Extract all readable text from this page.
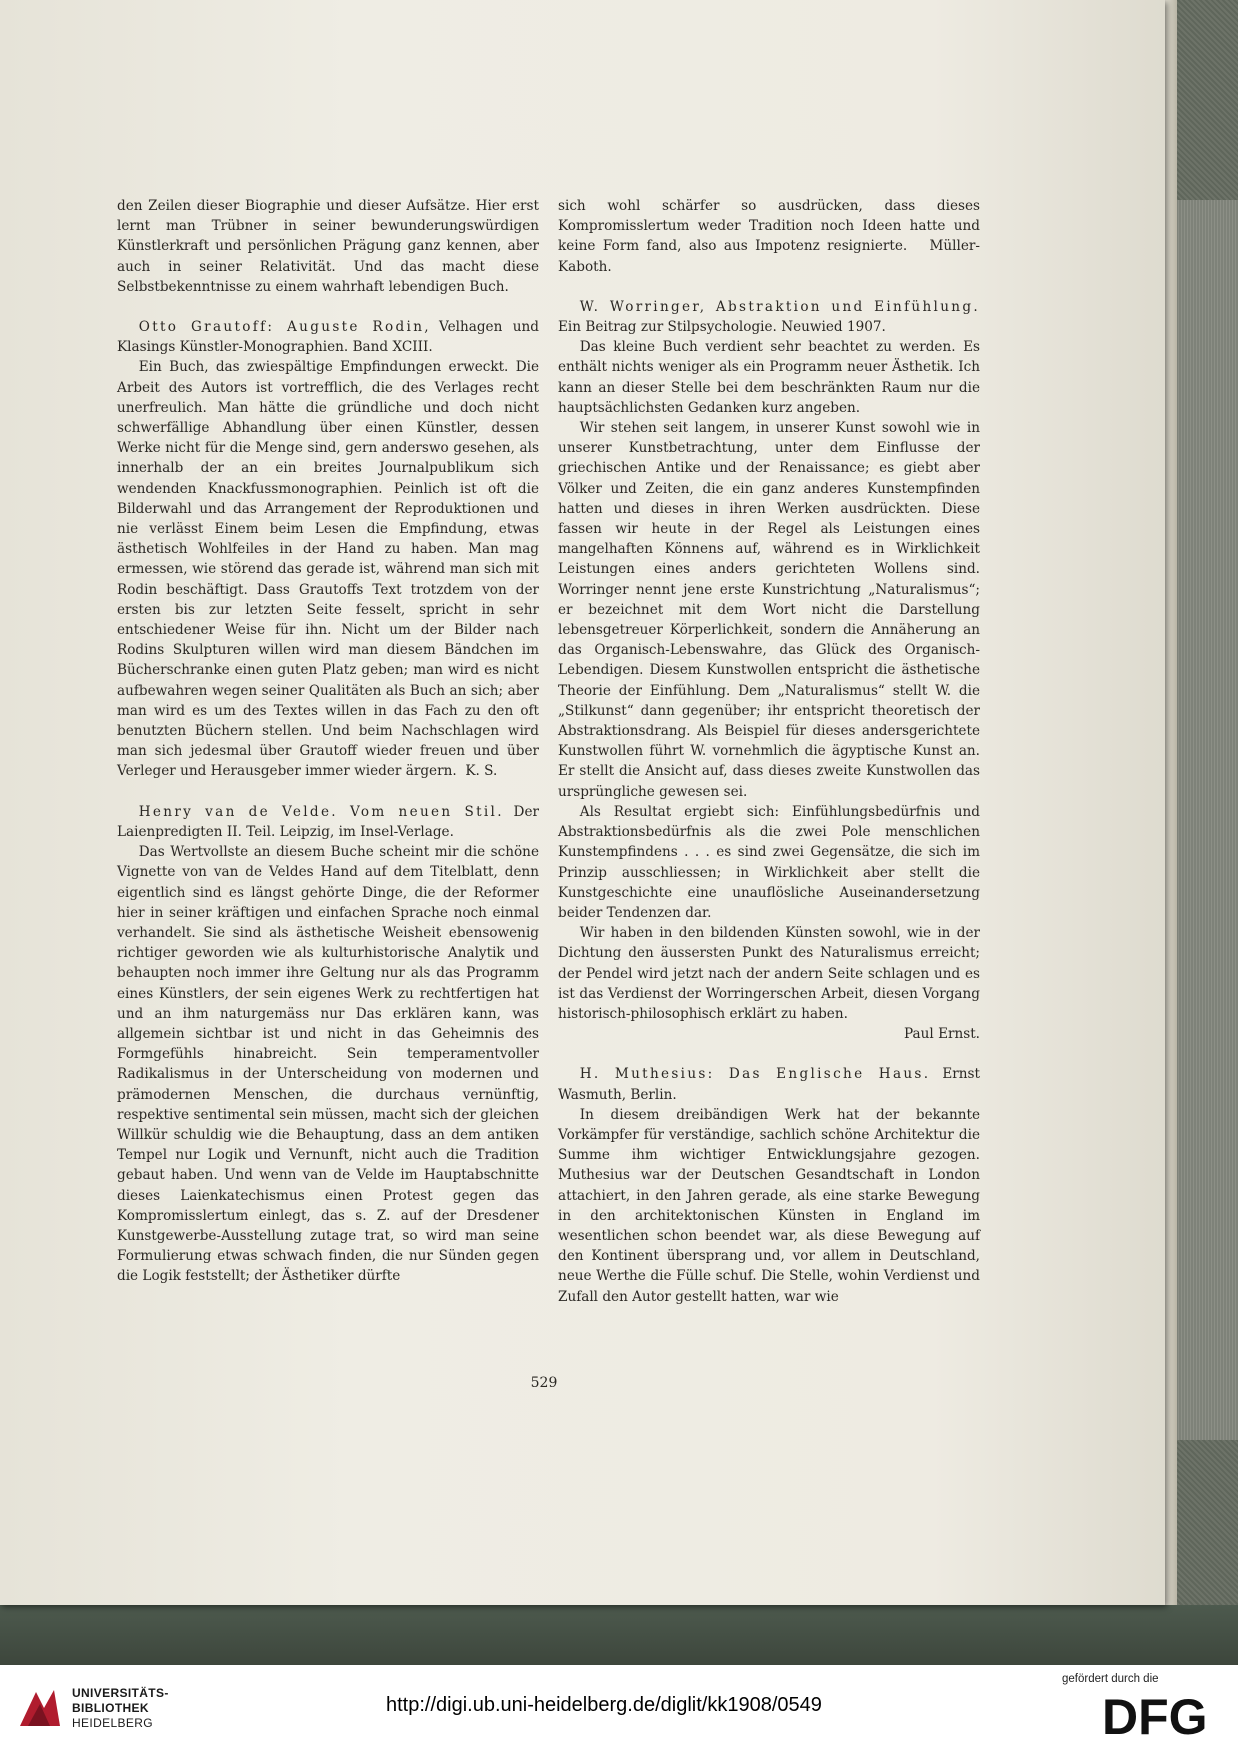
den Zeilen dieser Biographie und dieser Aufsätze. Hier erst lernt man Trübner in seiner bewunderungswürdigen Künstlerkraft und persönlichen Prägung ganz kennen, aber auch in seiner Relativität. Und das macht diese Selbstbekenntnisse zu einem wahrhaft lebendigen Buch.

Otto Grautoff: Auguste Rodin, Velhagen und Klasings Künstler-Monographien. Band XCIII.

Ein Buch, das zwiespältige Empfindungen erweckt. Die Arbeit des Autors ist vortrefflich, die des Verlages recht unerfreulich. Man hätte die gründliche und doch nicht schwerfällige Abhandlung über einen Künstler, dessen Werke nicht für die Menge sind, gern anderswo gesehen, als innerhalb der an ein breites Journalpublikum sich wendenden Knackfussmonographien. Peinlich ist oft die Bilderwahl und das Arrangement der Reproduktionen und nie verlässt Einem beim Lesen die Empfindung, etwas ästhetisch Wohlfeiles in der Hand zu haben. Man mag ermessen, wie störend das gerade ist, während man sich mit Rodin beschäftigt. Dass Grautoffs Text trotzdem von der ersten bis zur letzten Seite fesselt, spricht in sehr entschiedener Weise für ihn. Nicht um der Bilder nach Rodins Skulpturen willen wird man diesem Bändchen im Bücherschranke einen guten Platz geben; man wird es nicht aufbewahren wegen seiner Qualitäten als Buch an sich; aber man wird es um des Textes willen in das Fach zu den oft benutzten Büchern stellen. Und beim Nachschlagen wird man sich jedesmal über Grautoff wieder freuen und über Verleger und Herausgeber immer wieder ärgern. K. S.

Henry van de Velde. Vom neuen Stil. Der Laienpredigten II. Teil. Leipzig, im Insel-Verlage.

Das Wertvollste an diesem Buche scheint mir die schöne Vignette von van de Veldes Hand auf dem Titelblatt, denn eigentlich sind es längst gehörte Dinge, die der Reformer hier in seiner kräftigen und einfachen Sprache noch einmal verhandelt. Sie sind als ästhetische Weisheit ebensowenig richtiger geworden wie als kulturhistorische Analytik und behaupten noch immer ihre Geltung nur als das Programm eines Künstlers, der sein eigenes Werk zu rechtfertigen hat und an ihm naturgemäss nur Das erklären kann, was allgemein sichtbar ist und nicht in das Geheimnis des Formgefühls hinabreicht. Sein temperamentvoller Radikalismus in der Unterscheidung von modernen und prämodernen Menschen, die durchaus vernünftig, respektive sentimental sein müssen, macht sich der gleichen Willkür schuldig wie die Behauptung, dass an dem antiken Tempel nur Logik und Vernunft, nicht auch die Tradition gebaut haben. Und wenn van de Velde im Hauptabschnitte dieses Laienkatechismus einen Protest gegen das Kompromisslertum einlegt, das s. Z. auf der Dresdener Kunstgewerbe-Ausstellung zutage trat, so wird man seine Formulierung etwas schwach finden, die nur Sünden gegen die Logik feststellt; der Ästhetiker dürfte

sich wohl schärfer so ausdrücken, dass dieses Kompromisslertum weder Tradition noch Ideen hatte und keine Form fand, also aus Impotenz resignierte. Müller-Kaboth.

W. Worringer, Abstraktion und Einfühlung. Ein Beitrag zur Stilpsychologie. Neuwied 1907.

Das kleine Buch verdient sehr beachtet zu werden. Es enthält nichts weniger als ein Programm neuer Ästhetik. Ich kann an dieser Stelle bei dem beschränkten Raum nur die hauptsächlichsten Gedanken kurz angeben.

Wir stehen seit langem, in unserer Kunst sowohl wie in unserer Kunstbetrachtung, unter dem Einflusse der griechischen Antike und der Renaissance; es giebt aber Völker und Zeiten, die ein ganz anderes Kunstempfinden hatten und dieses in ihren Werken ausdrückten. Diese fassen wir heute in der Regel als Leistungen eines mangelhaften Könnens auf, während es in Wirklichkeit Leistungen eines anders gerichteten Wollens sind. Worringer nennt jene erste Kunstrichtung „Naturalismus“; er bezeichnet mit dem Wort nicht die Darstellung lebensgetreuer Körperlichkeit, sondern die Annäherung an das Organisch-Lebenswahre, das Glück des Organisch-Lebendigen. Diesem Kunstwollen entspricht die ästhetische Theorie der Einfühlung. Dem „Naturalismus“ stellt W. die „Stilkunst“ dann gegenüber; ihr entspricht theoretisch der Abstraktionsdrang. Als Beispiel für dieses andersgerichtete Kunstwollen führt W. vornehmlich die ägyptische Kunst an. Er stellt die Ansicht auf, dass dieses zweite Kunstwollen das ursprüngliche gewesen sei.

Als Resultat ergiebt sich: Einfühlungsbedürfnis und Abstraktionsbedürfnis als die zwei Pole menschlichen Kunstempfindens . . . es sind zwei Gegensätze, die sich im Prinzip ausschliessen; in Wirklichkeit aber stellt die Kunstgeschichte eine unauflösliche Auseinandersetzung beider Tendenzen dar.

Wir haben in den bildenden Künsten sowohl, wie in der Dichtung den äussersten Punkt des Naturalismus erreicht; der Pendel wird jetzt nach der andern Seite schlagen und es ist das Verdienst der Worringerschen Arbeit, diesen Vorgang historisch-philosophisch erklärt zu haben.

Paul Ernst.

H. Muthesius: Das Englische Haus. Ernst Wasmuth, Berlin.

In diesem dreibändigen Werk hat der bekannte Vorkämpfer für verständige, sachlich schöne Architektur die Summe ihm wichtiger Entwicklungsjahre gezogen. Muthesius war der Deutschen Gesandtschaft in London attachiert, in den Jahren gerade, als eine starke Bewegung in den architektonischen Künsten in England im wesentlichen schon beendet war, als diese Bewegung auf den Kontinent übersprang und, vor allem in Deutschland, neue Werthe die Fülle schuf. Die Stelle, wohin Verdienst und Zufall den Autor gestellt hatten, war wie

529
UNIVERSITÄTS-
BIBLIOTHEK
HEIDELBERG
http://digi.ub.uni-heidelberg.de/diglit/kk1908/0549
gefördert durch die
DFG
